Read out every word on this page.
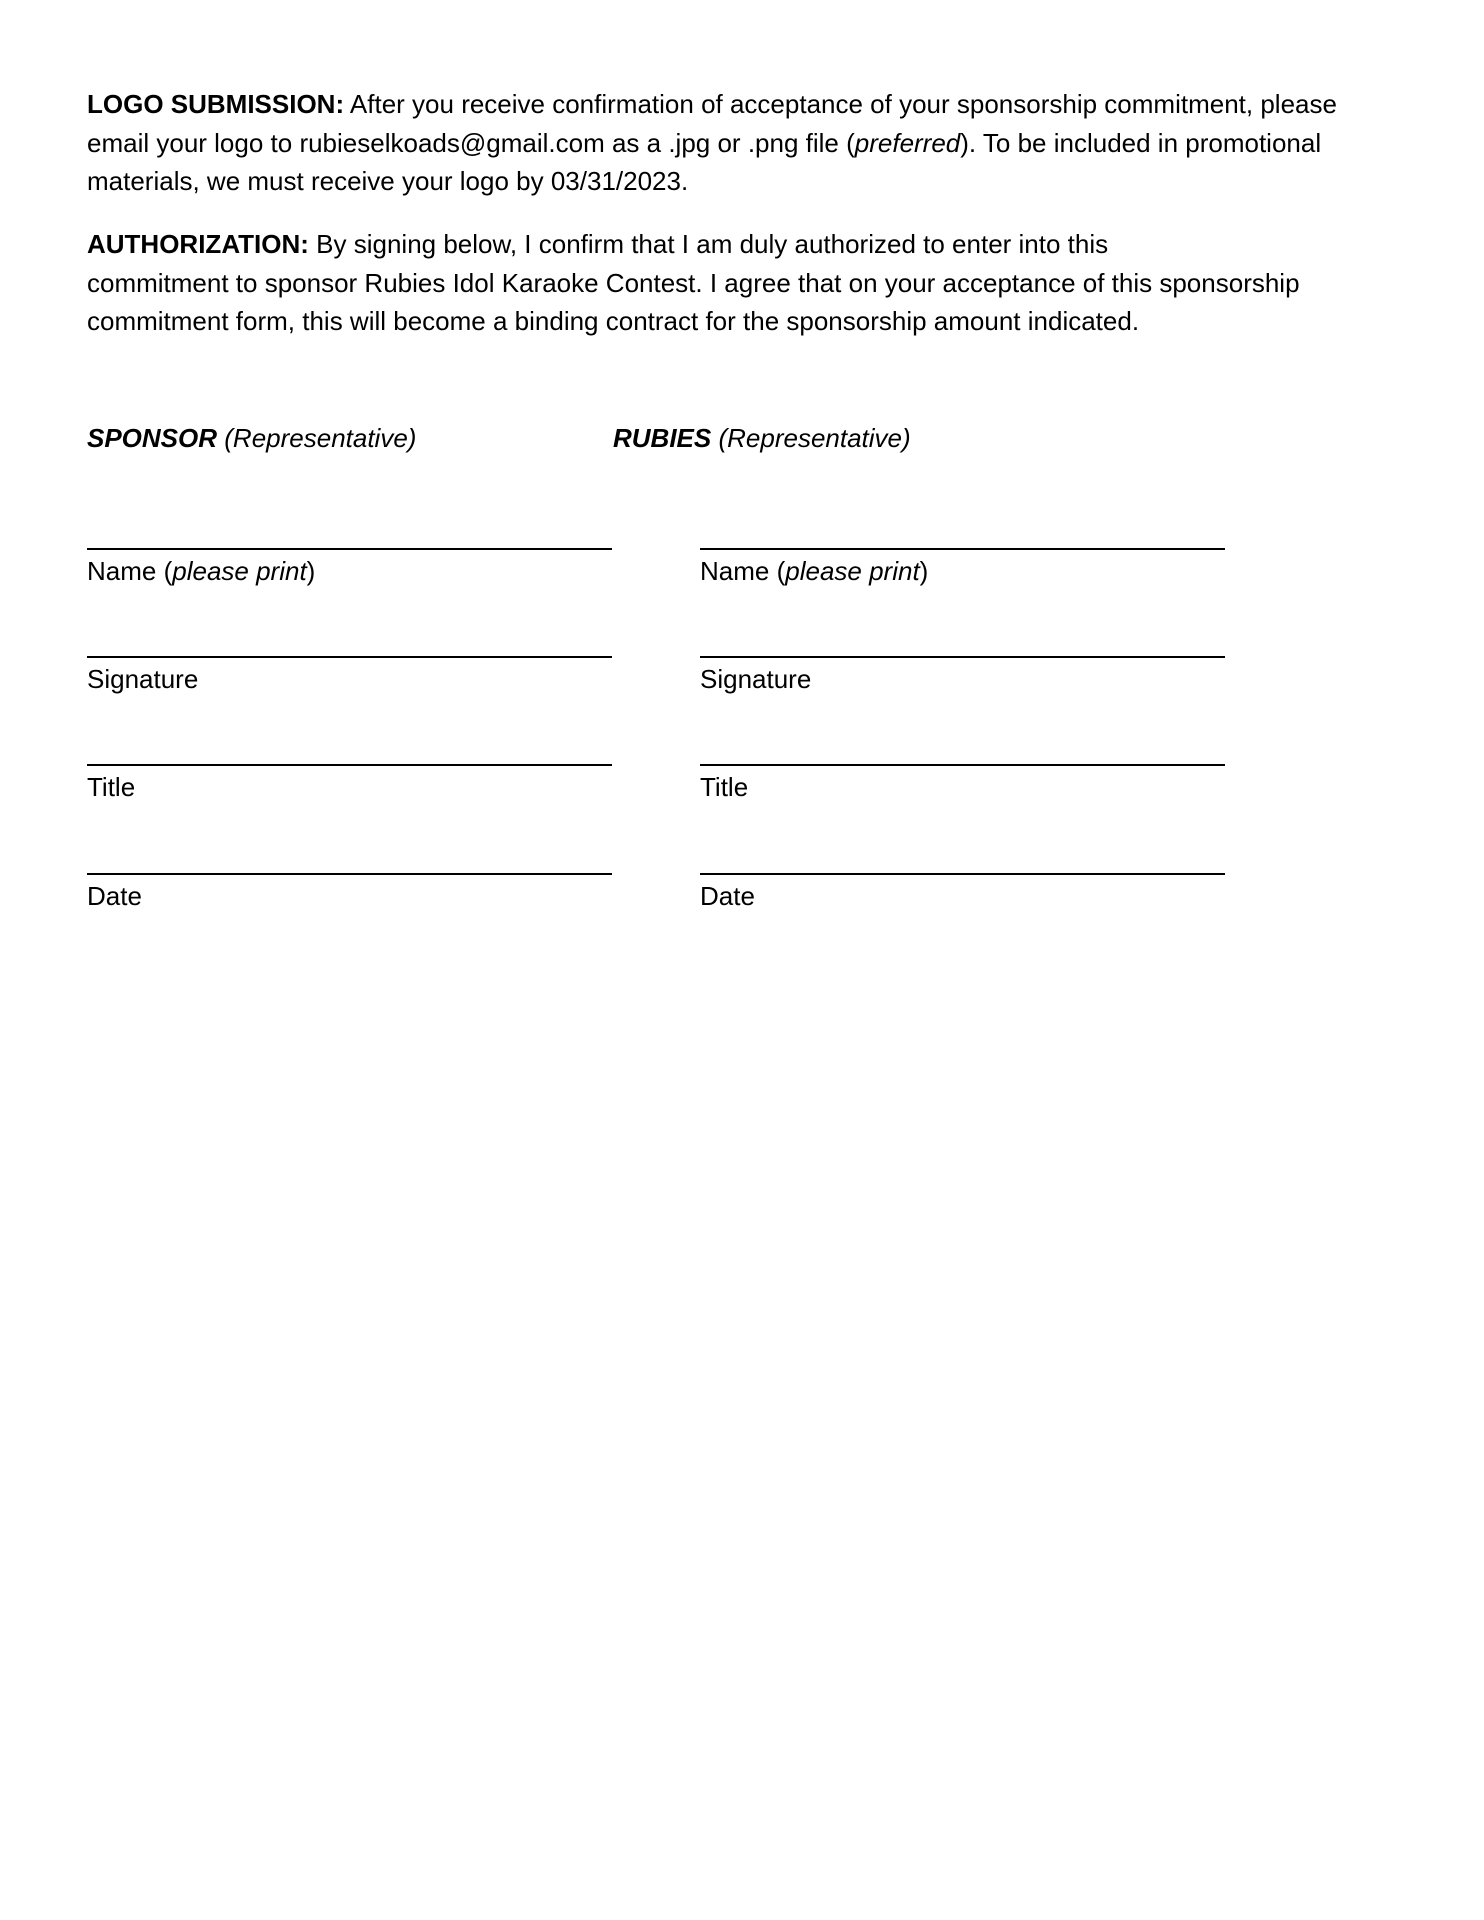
LOGO SUBMISSION: After you receive confirmation of acceptance of your sponsorship commitment, please email your logo to rubieselkoads@gmail.com as a .jpg or .png file (preferred). To be included in promotional materials, we must receive your logo by 03/31/2023.
AUTHORIZATION: By signing below, I confirm that I am duly authorized to enter into this
commitment to sponsor Rubies Idol Karaoke Contest. I agree that on your acceptance of this sponsorship commitment form, this will become a binding contract for the sponsorship amount indicated.
SPONSOR (Representative)	RUBIES (Representative)
Name (please print)
Signature
Title
Date
Name (please print)
Signature
Title
Date
